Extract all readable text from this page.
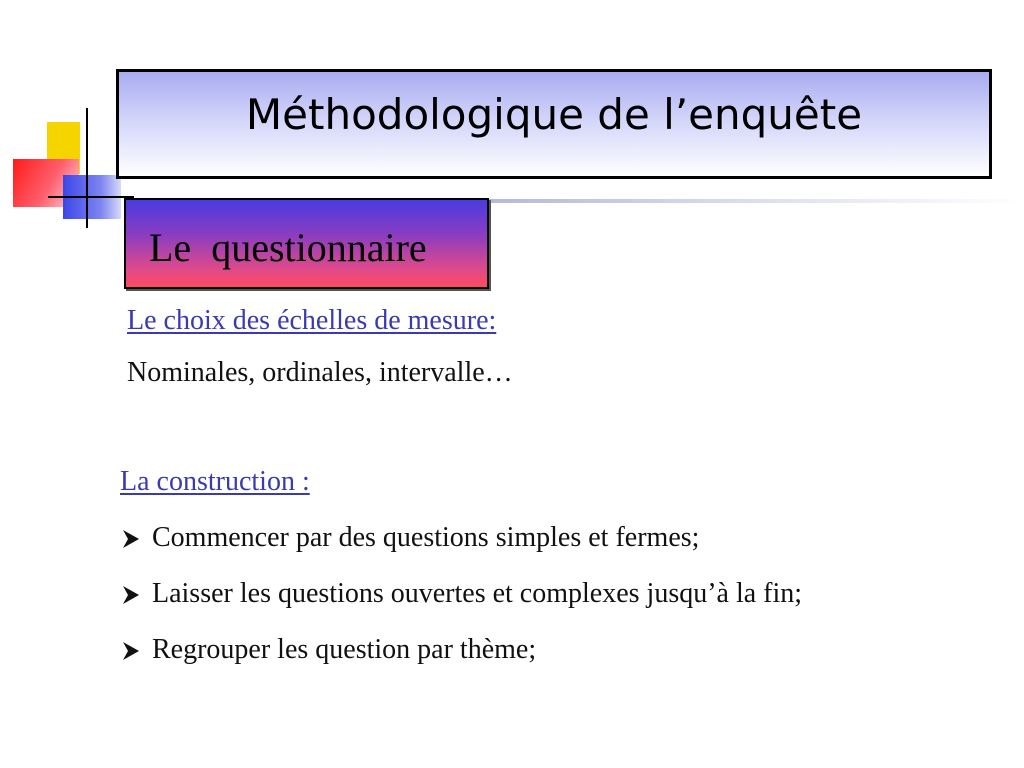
Méthodologique de l’enquête
Le  questionnaire

Le choix des échelles de mesure:

Nominales, ordinales, intervalle…

La construction :

Commencer par des questions simples et fermes;
Laisser les questions ouvertes et complexes jusqu’à la fin;
Regrouper les question par thème;
